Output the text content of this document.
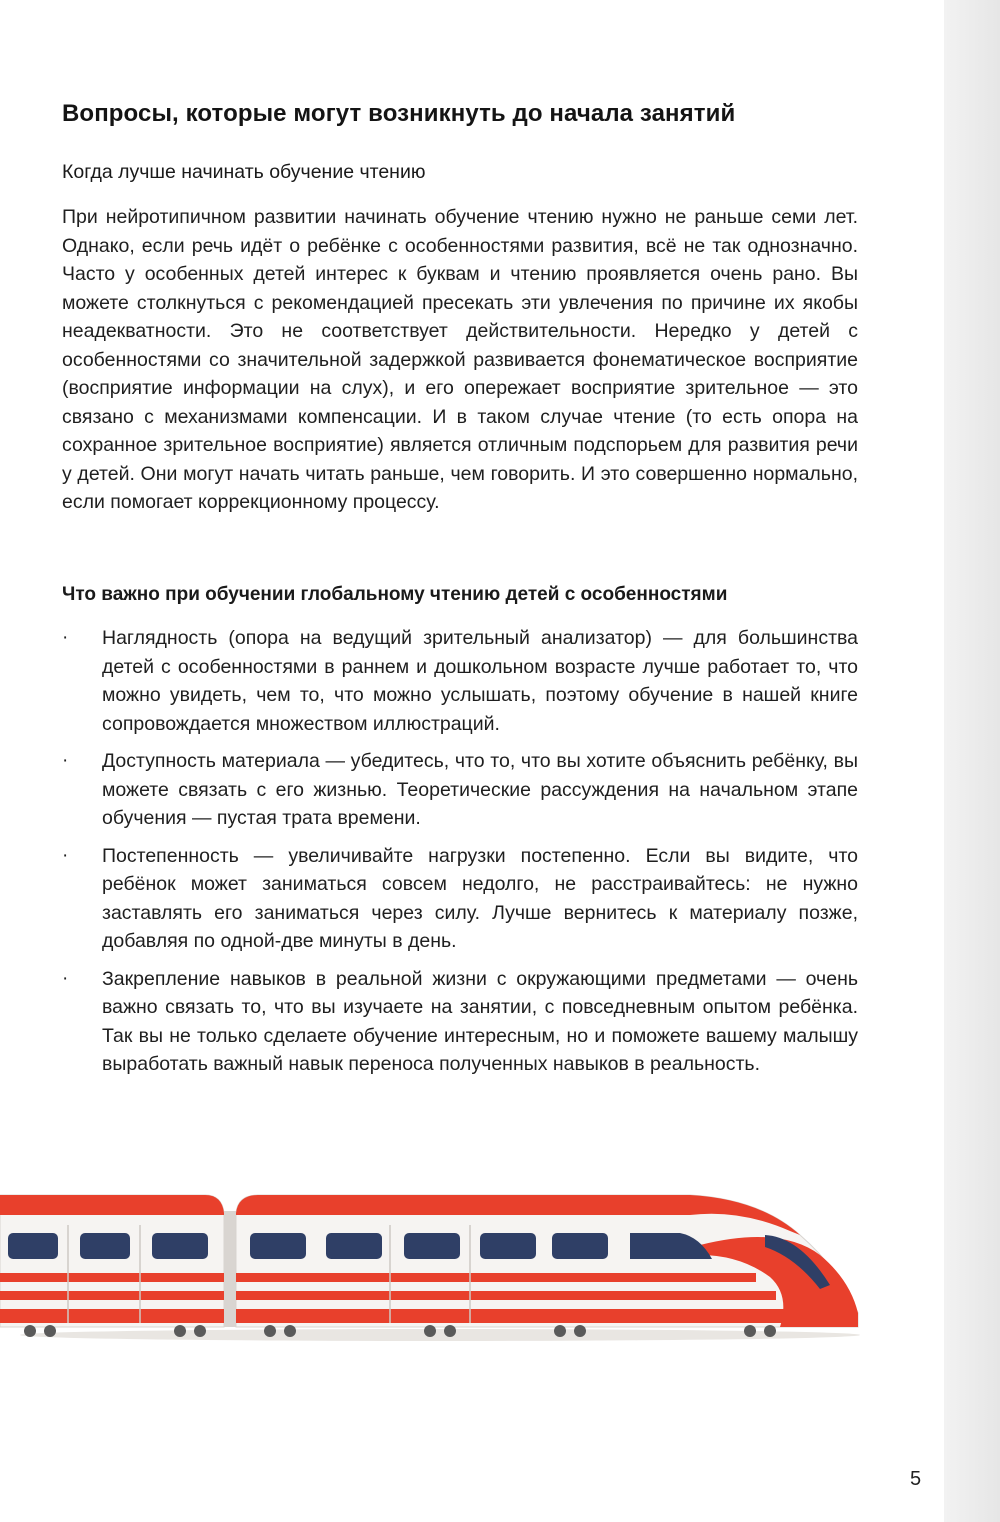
Вопросы, которые могут возникнуть до начала занятий
Когда лучше начинать обучение чтению

При нейротипичном развитии начинать обучение чтению нужно не раньше семи лет. Однако, если речь идёт о ребёнке с особенностями развития, всё не так однозначно. Часто у особенных детей интерес к буквам и чтению проявляется очень рано. Вы можете столкнуться с рекомендацией пресекать эти увлечения по причине их якобы неадекватности. Это не соответствует действительности. Нередко у детей с особенностями со значительной задержкой развивается фонематическое восприятие (восприятие информации на слух), и его опережает восприятие зрительное — это связано с механизмами компенсации. И в таком случае чтение (то есть опора на сохранное зрительное восприятие) является отличным подспорьем для развития речи у детей. Они могут начать читать раньше, чем говорить. И это совершенно нормально, если помогает коррекционному процессу.

Что важно при обучении глобальному чтению детей с особенностями
· Наглядность (опора на ведущий зрительный анализатор) — для большинства детей с особенностями в раннем и дошкольном возрасте лучше работает то, что можно увидеть, чем то, что можно услышать, поэтому обучение в нашей книге сопровождается множеством иллюстраций.
· Доступность материала — убедитесь, что то, что вы хотите объяснить ребёнку, вы можете связать с его жизнью. Теоретические рассуждения на начальном этапе обучения — пустая трата времени.
· Постепенность — увеличивайте нагрузки постепенно. Если вы видите, что ребёнок может заниматься совсем недолго, не расстраивайтесь: не нужно заставлять его заниматься через силу. Лучше вернитесь к материалу позже, добавляя по одной-две минуты в день.
· Закрепление навыков в реальной жизни с окружающими предметами — очень важно связать то, что вы изучаете на занятии, с повседневным опытом ребёнка. Так вы не только сделаете обучение интересным, но и поможете вашему малышу выработать важный навык переноса полученных навыков в реальность.
5
